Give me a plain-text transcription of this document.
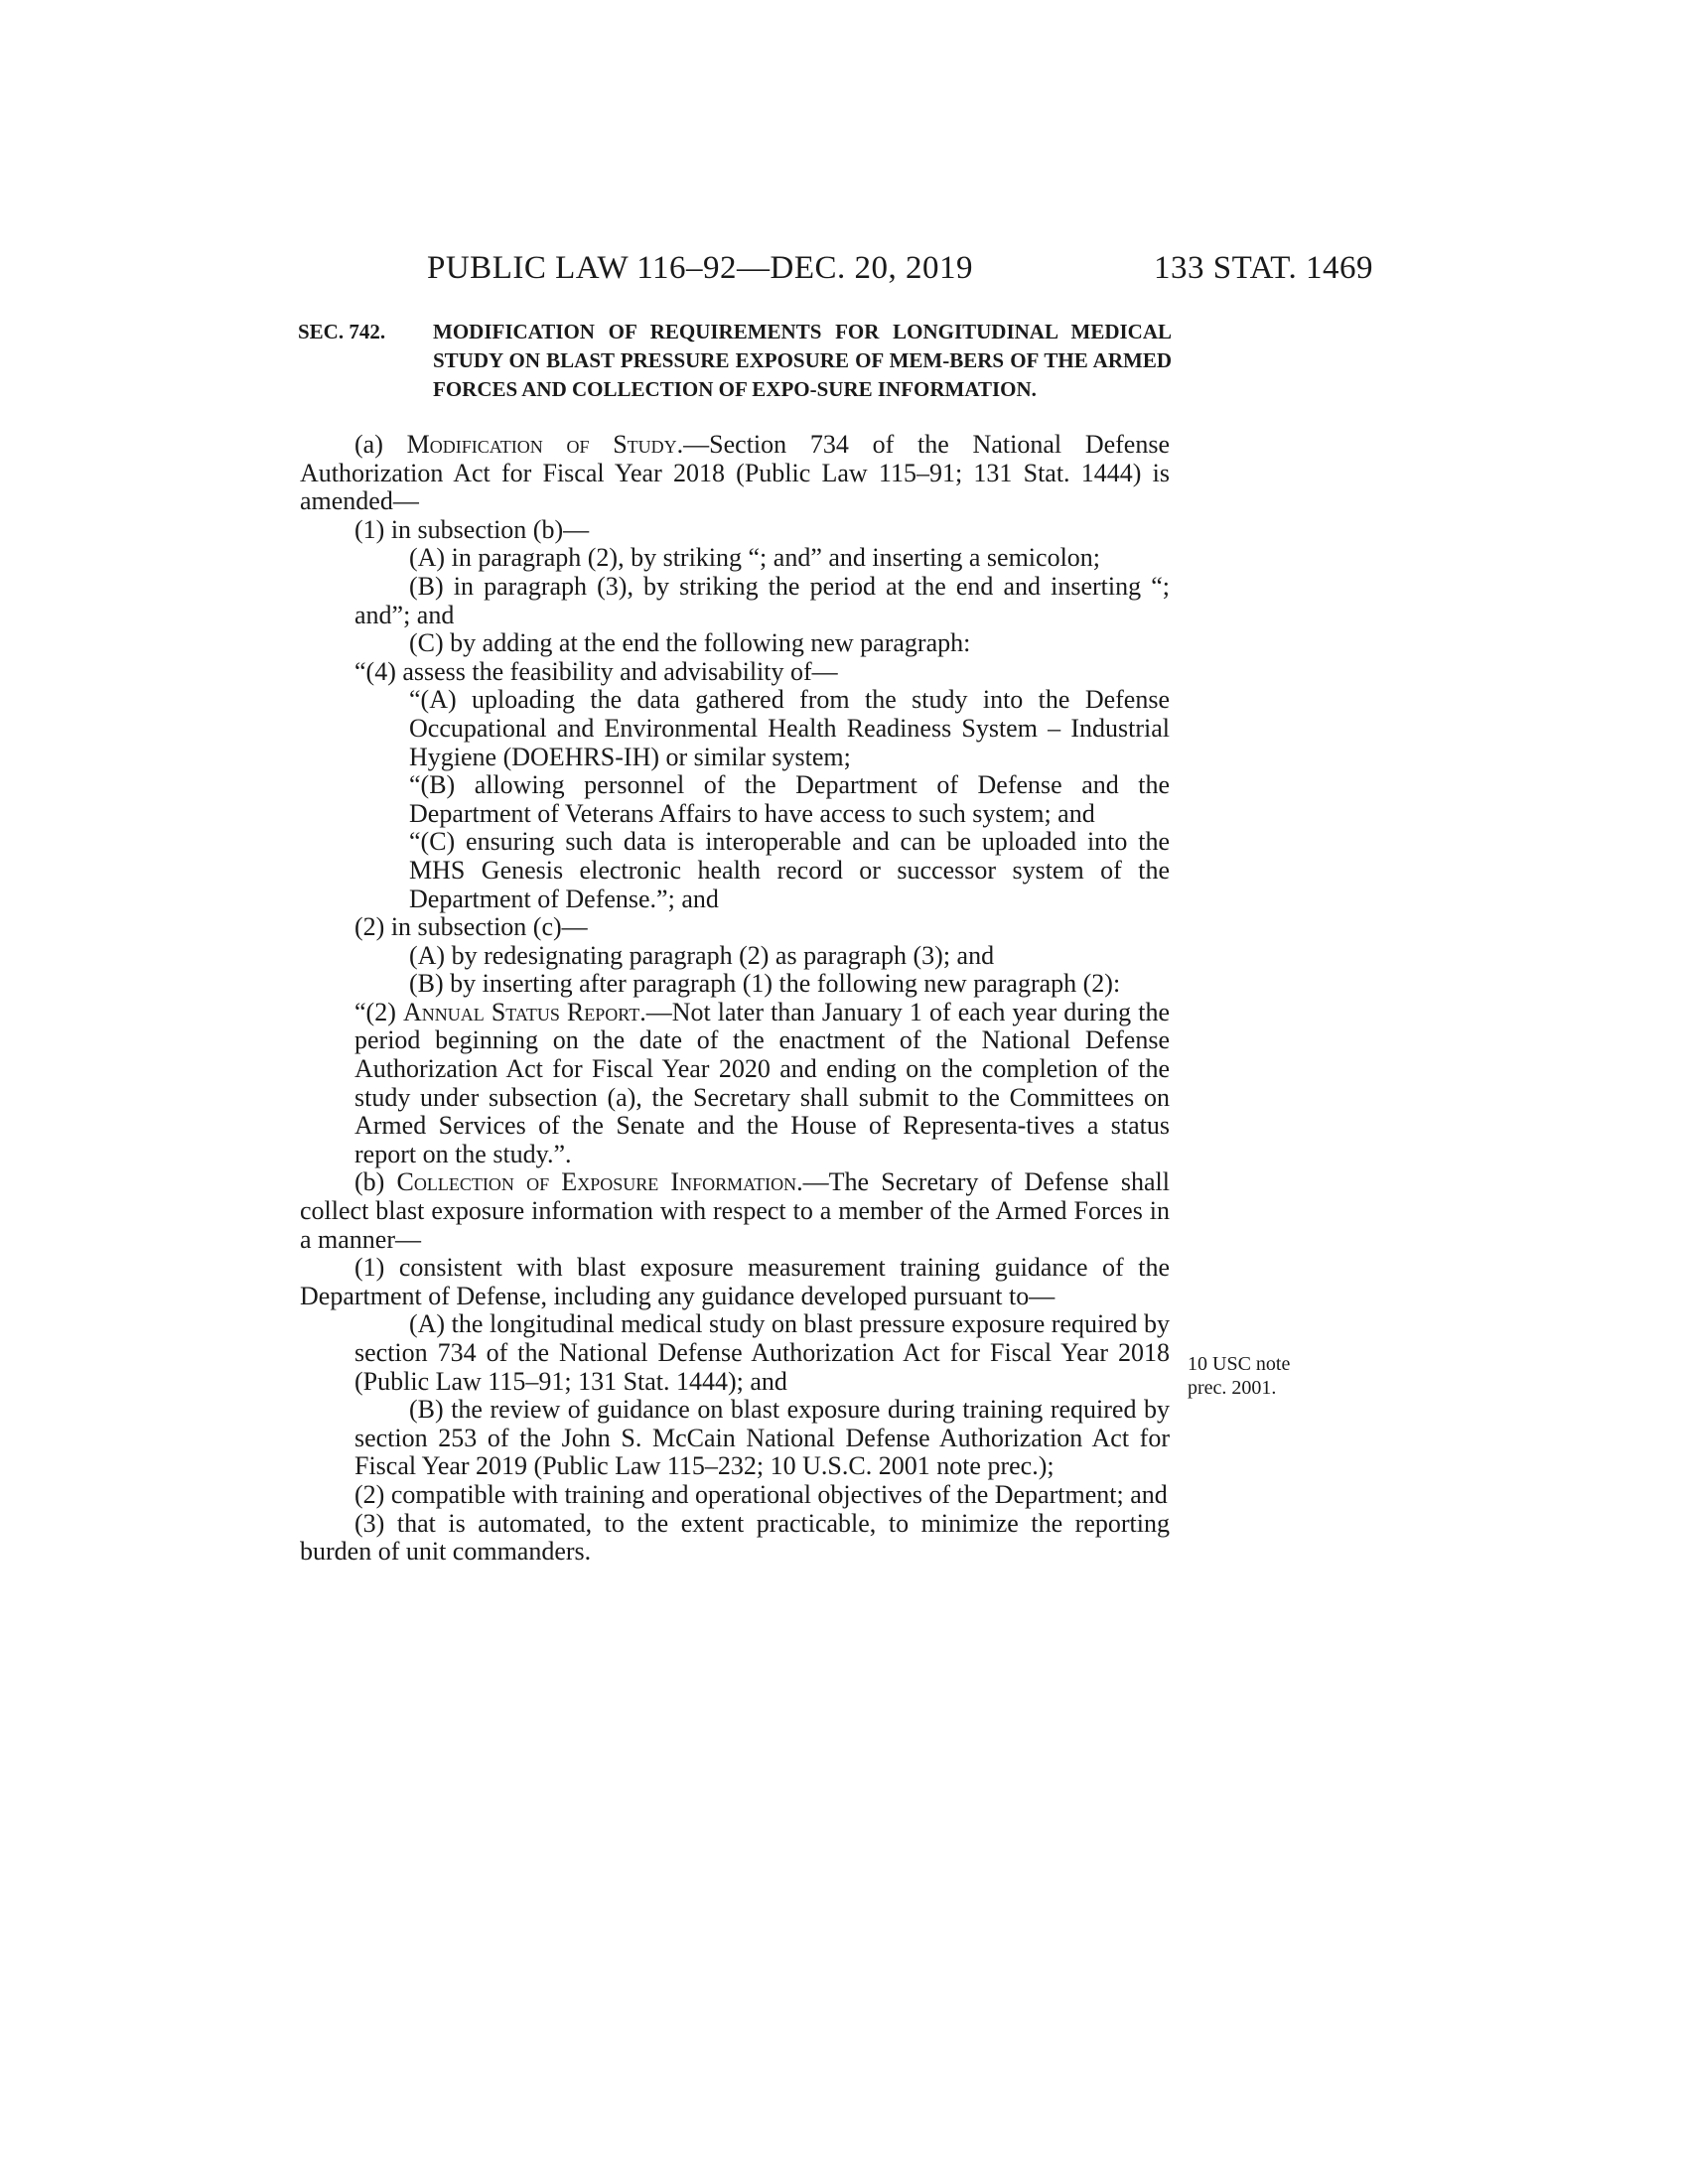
PUBLIC LAW 116–92—DEC. 20, 2019	133 STAT. 1469
SEC. 742. MODIFICATION OF REQUIREMENTS FOR LONGITUDINAL MEDICAL STUDY ON BLAST PRESSURE EXPOSURE OF MEM-BERS OF THE ARMED FORCES AND COLLECTION OF EXPO-SURE INFORMATION.

(a) Modification of Study.—Section 734 of the National Defense Authorization Act for Fiscal Year 2018 (Public Law 115–91; 131 Stat. 1444) is amended—

(1) in subsection (b)—

(A) in paragraph (2), by striking “; and” and inserting a semicolon;

(B) in paragraph (3), by striking the period at the end and inserting “; and”; and

(C) by adding at the end the following new paragraph:

“(4) assess the feasibility and advisability of—

“(A) uploading the data gathered from the study into the Defense Occupational and Environmental Health Readiness System – Industrial Hygiene (DOEHRS-IH) or similar system;

“(B) allowing personnel of the Department of Defense and the Department of Veterans Affairs to have access to such system; and

“(C) ensuring such data is interoperable and can be uploaded into the MHS Genesis electronic health record or successor system of the Department of Defense.”; and

(2) in subsection (c)—

(A) by redesignating paragraph (2) as paragraph (3); and

(B) by inserting after paragraph (1) the following new paragraph (2):

“(2) Annual Status Report.—Not later than January 1 of each year during the period beginning on the date of the enactment of the National Defense Authorization Act for Fiscal Year 2020 and ending on the completion of the study under subsection (a), the Secretary shall submit to the Committees on Armed Services of the Senate and the House of Representa-tives a status report on the study.”.

(b) Collection of Exposure Information.—The Secretary of Defense shall collect blast exposure information with respect to a member of the Armed Forces in a manner—

(1) consistent with blast exposure measurement training guidance of the Department of Defense, including any guidance developed pursuant to—

(A) the longitudinal medical study on blast pressure exposure required by section 734 of the National Defense Authorization Act for Fiscal Year 2018 (Public Law 115–91; 131 Stat. 1444); and

(B) the review of guidance on blast exposure during training required by section 253 of the John S. McCain National Defense Authorization Act for Fiscal Year 2019 (Public Law 115–232; 10 U.S.C. 2001 note prec.);

(2) compatible with training and operational objectives of the Department; and

(3) that is automated, to the extent practicable, to minimize the reporting burden of unit commanders.

10 USC note
prec. 2001.
